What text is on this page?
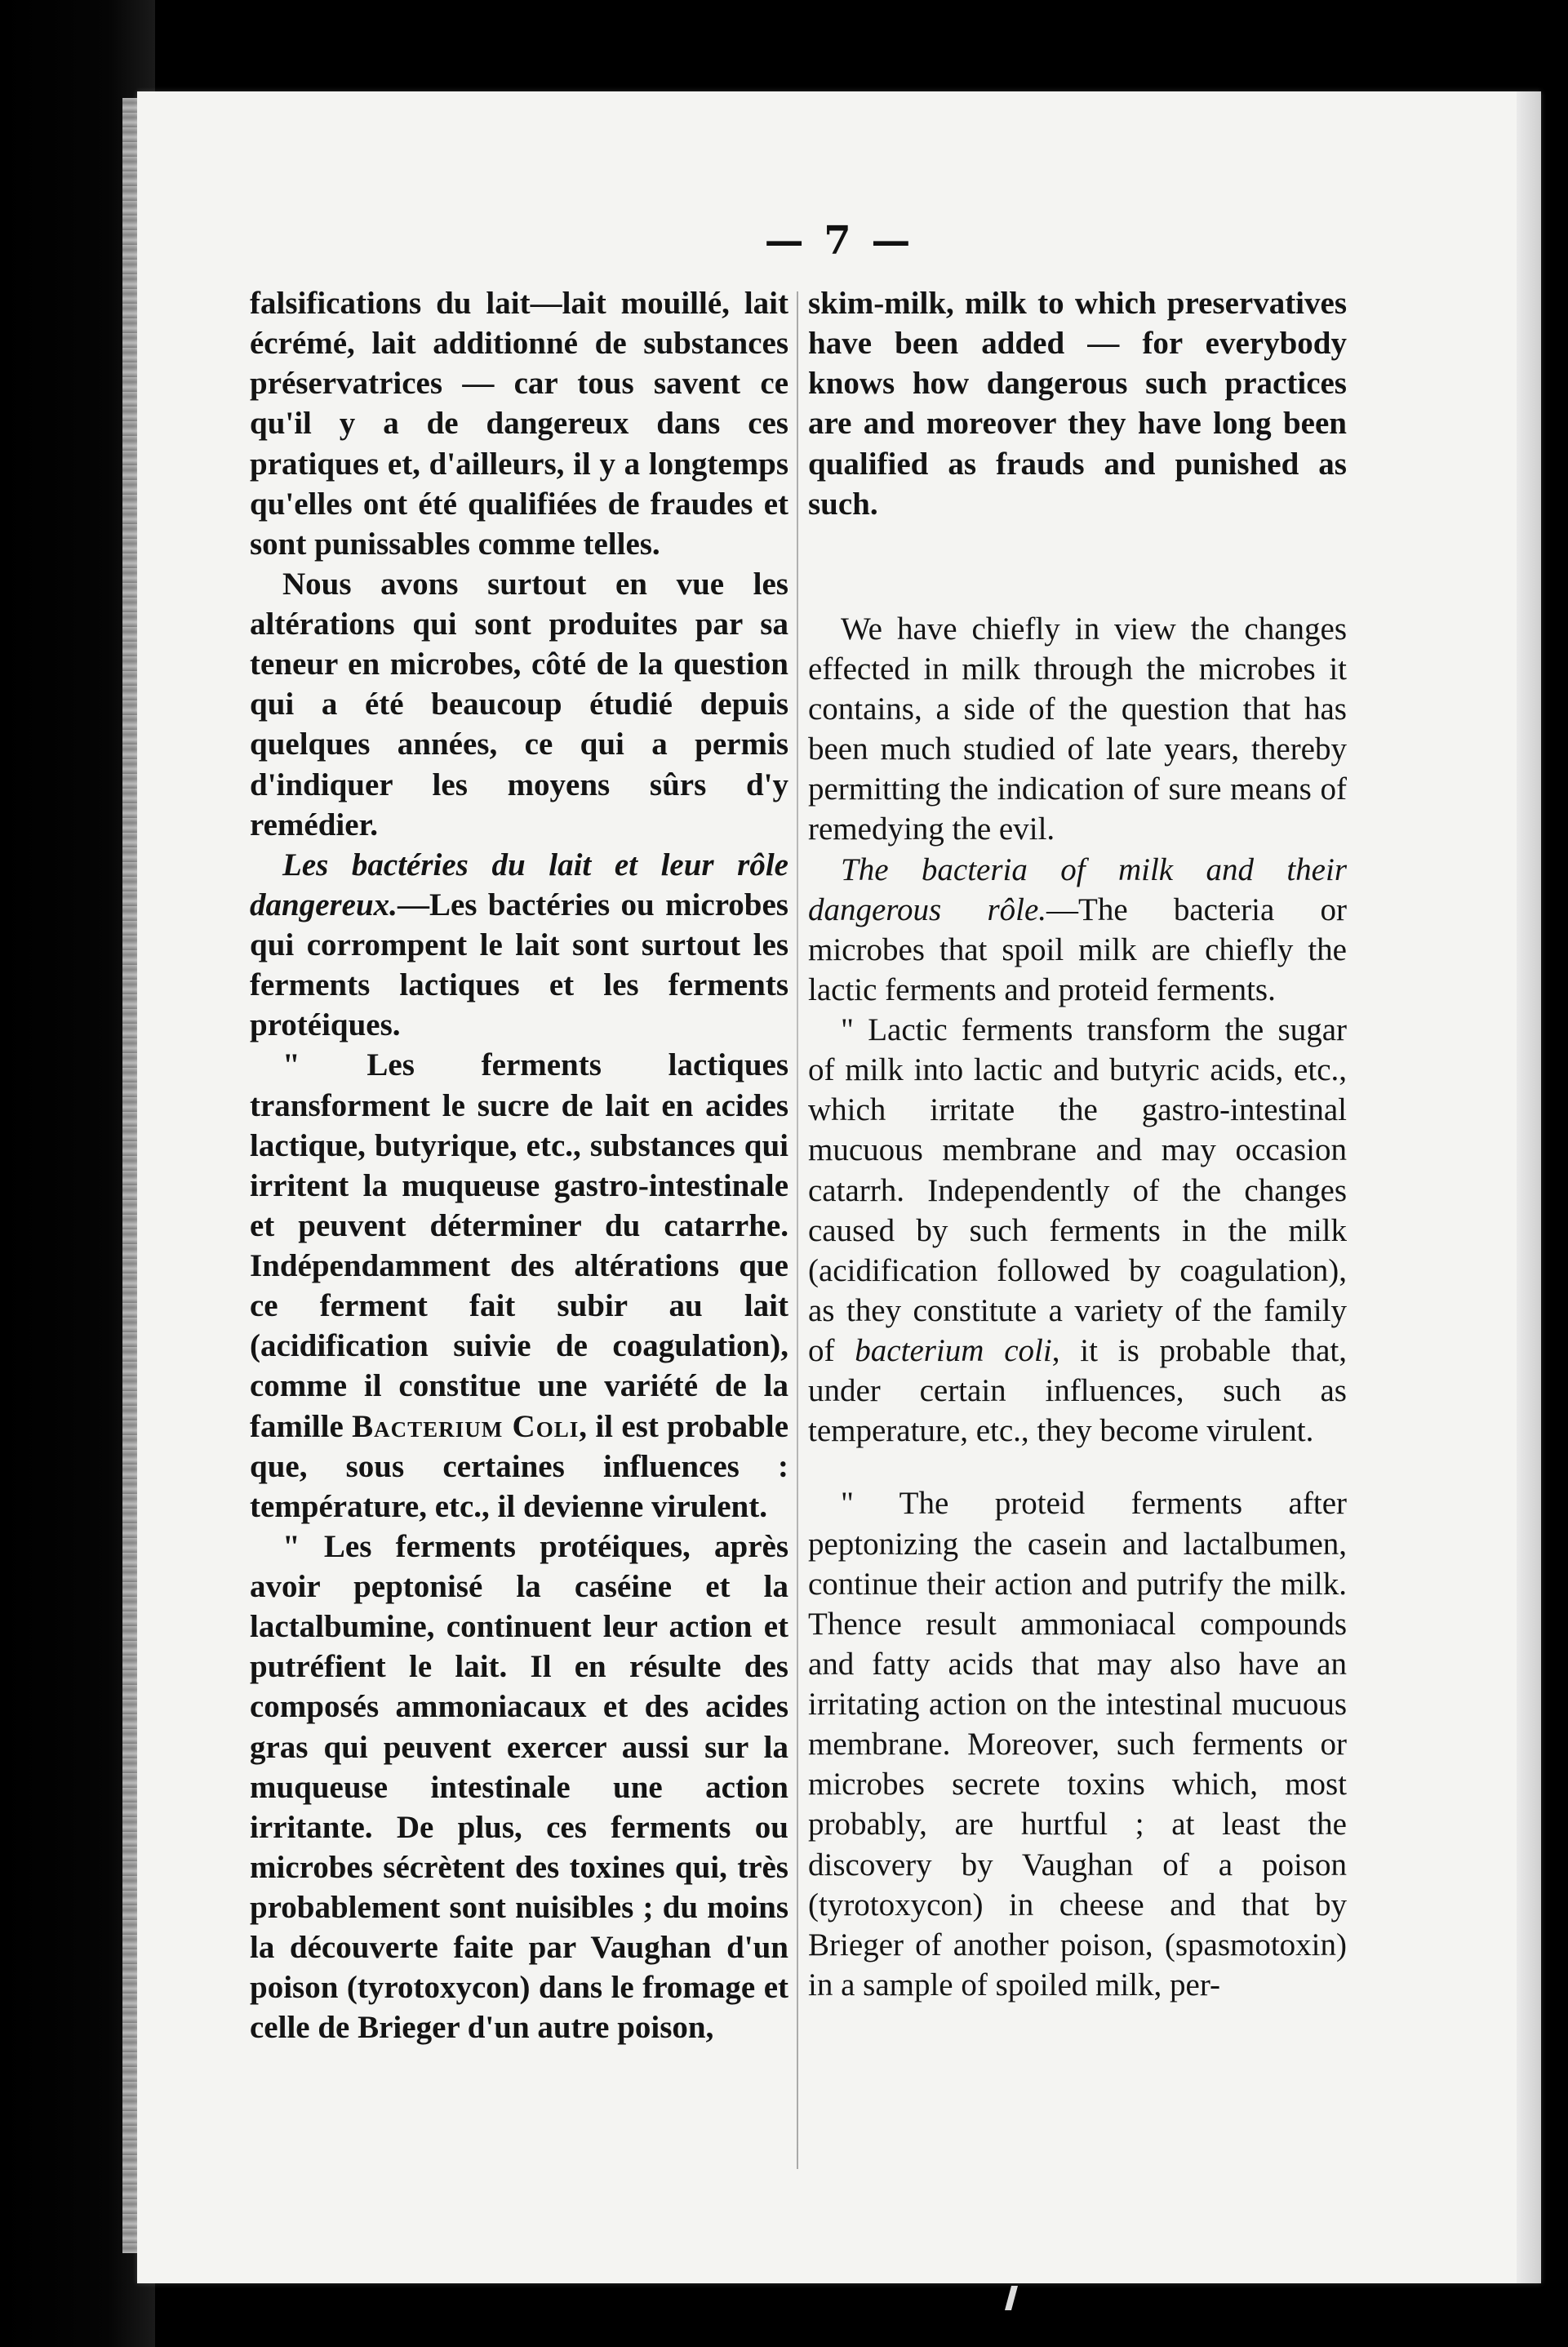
— 7 —

falsifications du lait—lait mouillé, lait écrémé, lait additionné de substances préservatrices — car tous savent ce qu'il y a de dangereux dans ces pratiques et, d'ailleurs, il y a longtemps qu'elles ont été qualifiées de fraudes et sont punissables comme telles.

Nous avons surtout en vue les altérations qui sont produites par sa teneur en microbes, côté de la question qui a été beaucoup étudié depuis quelques années, ce qui a permis d'indiquer les moyens sûrs d'y remédier.

Les bactéries du lait et leur rôle dangereux.—Les bactéries ou microbes qui corrompent le lait sont surtout les ferments lactiques et les ferments protéiques.

" Les ferments lactiques transforment le sucre de lait en acides lactique, butyrique, etc., substances qui irritent la muqueuse gastro-intestinale et peuvent déterminer du catarrhe. Indépendamment des altérations que ce ferment fait subir au lait (acidification suivie de coagulation), comme il constitue une variété de la famille Bacterium Coli, il est probable que, sous certaines influences : température, etc., il devienne virulent.

" Les ferments protéiques, après avoir peptonisé la caséine et la lactalbumine, continuent leur action et putréfient le lait. Il en résulte des composés ammoniacaux et des acides gras qui peuvent exercer aussi sur la muqueuse intestinale une action irritante. De plus, ces ferments ou microbes sécrètent des toxines qui, très probablement sont nuisibles ; du moins la découverte faite par Vaughan d'un poison (tyrotoxycon) dans le fromage et celle de Brieger d'un autre poison,

skim-milk, milk to which preservatives have been added — for everybody knows how dangerous such practices are and moreover they have long been qualified as frauds and punished as such.

We have chiefly in view the changes effected in milk through the microbes it contains, a side of the question that has been much studied of late years, thereby permitting the indication of sure means of remedying the evil.

The bacteria of milk and their dangerous rôle.—The bacteria or microbes that spoil milk are chiefly the lactic ferments and proteid ferments.

" Lactic ferments transform the sugar of milk into lactic and butyric acids, etc., which irritate the gastro-intestinal mucuous membrane and may occasion catarrh. Independently of the changes caused by such ferments in the milk (acidification followed by coagulation), as they constitute a variety of the family of bacterium coli, it is probable that, under certain influences, such as temperature, etc., they become virulent.

" The proteid ferments after peptonizing the casein and lactalbumen, continue their action and putrify the milk. Thence result ammoniacal compounds and fatty acids that may also have an irritating action on the intestinal mucuous membrane. Moreover, such ferments or microbes secrete toxins which, most probably, are hurtful ; at least the discovery by Vaughan of a poison (tyrotoxycon) in cheese and that by Brieger of another poison, (spasmotoxin) in a sample of spoiled milk, per-
